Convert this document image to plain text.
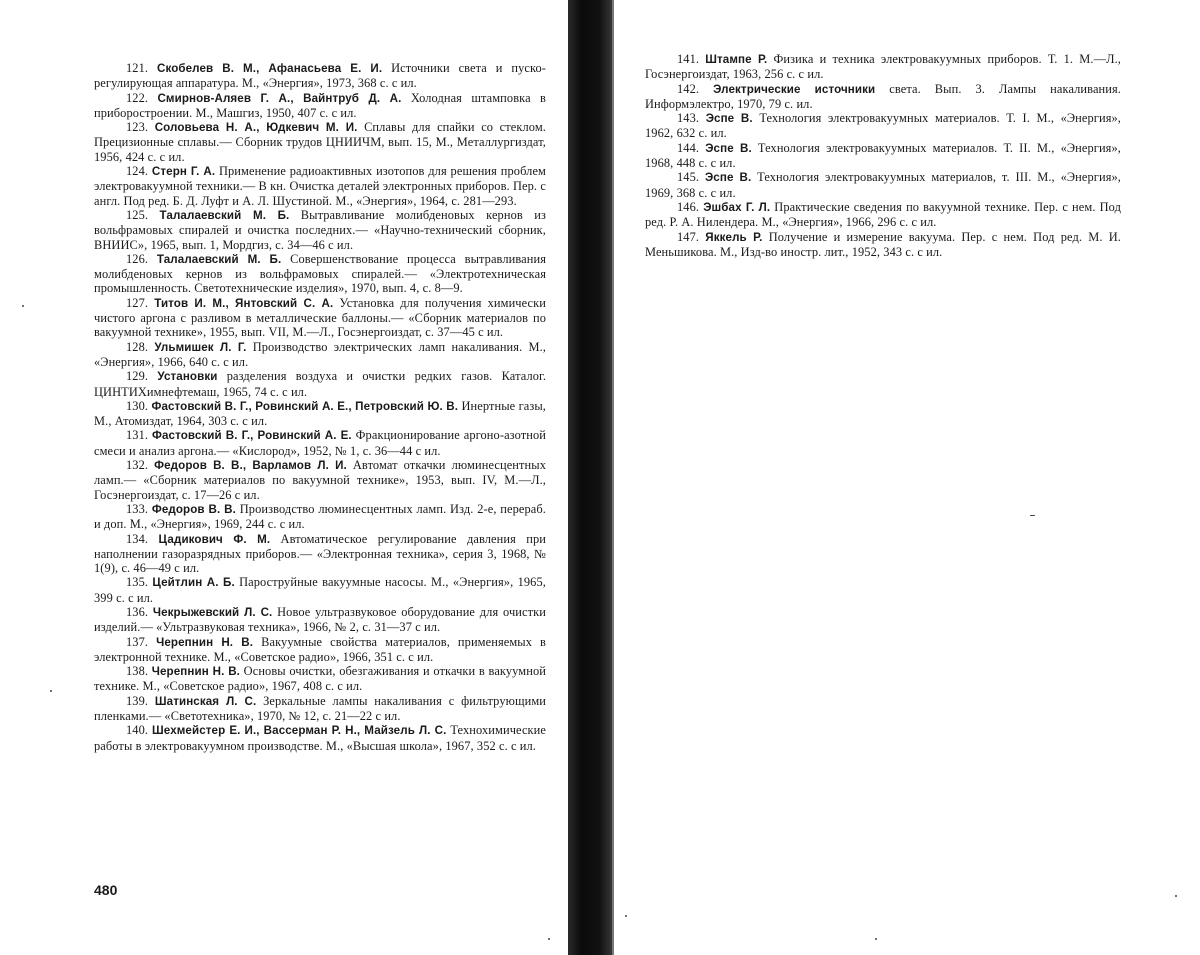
121. Скобелев В. М., Афанасьева Е. И. Источники света и пуско-регулирующая аппаратура. М., «Энергия», 1973, 368 с. с ил.

122. Смирнов-Аляев Г. А., Вайнтруб Д. А. Холодная штамповка в приборостроении. М., Машгиз, 1950, 407 с. с ил.

123. Соловьева Н. А., Юдкевич М. И. Сплавы для спайки со стеклом. Прецизионные сплавы.— Сборник трудов ЦНИИЧМ, вып. 15, М., Металлургиздат, 1956, 424 с. с ил.

124. Стерн Г. А. Применение радиоактивных изотопов для решения проблем электровакуумной техники.— В кн. Очистка деталей электронных приборов. Пер. с англ. Под ред. Б. Д. Луфт и А. Л. Шустиной. М., «Энергия», 1964, с. 281—293.

125. Талалаевский М. Б. Вытравливание молибденовых кернов из вольфрамовых спиралей и очистка последних.— «Научно-технический сборник, ВНИИС», 1965, вып. 1, Мордгиз, с. 34—46 с ил.

126. Талалаевский М. Б. Совершенствование процесса вытравливания молибденовых кернов из вольфрамовых спиралей.— «Электротехническая промышленность. Светотехнические изделия», 1970, вып. 4, с. 8—9.

127. Титов И. М., Янтовский С. А. Установка для получения химически чистого аргона с разливом в металлические баллоны.— «Сборник материалов по вакуумной технике», 1955, вып. VII, М.—Л., Госэнергоиздат, с. 37—45 с ил.

128. Ульмишек Л. Г. Производство электрических ламп накаливания. М., «Энергия», 1966, 640 с. с ил.

129. Установки разделения воздуха и очистки редких газов. Каталог. ЦИНТИХимнефтемаш, 1965, 74 с. с ил.

130. Фастовский В. Г., Ровинский А. Е., Петровский Ю. В. Инертные газы, М., Атомиздат, 1964, 303 с. с ил.

131. Фастовский В. Г., Ровинский А. Е. Фракционирование аргоно-азотной смеси и анализ аргона.— «Кислород», 1952, № 1, с. 36—44 с ил.

132. Федоров В. В., Варламов Л. И. Автомат откачки люминесцентных ламп.— «Сборник материалов по вакуумной технике», 1953, вып. IV, М.—Л., Госэнергоиздат, с. 17—26 с ил.

133. Федоров В. В. Производство люминесцентных ламп. Изд. 2-е, перераб. и доп. М., «Энергия», 1969, 244 с. с ил.

134. Цадикович Ф. М. Автоматическое регулирование давления при наполнении газоразрядных приборов.— «Электронная техника», серия 3, 1968, № 1(9), с. 46—49 с ил.

135. Цейтлин А. Б. Пароструйные вакуумные насосы. М., «Энергия», 1965, 399 с. с ил.

136. Чекрыжевский Л. С. Новое ультразвуковое оборудование для очистки изделий.— «Ультразвуковая техника», 1966, № 2, с. 31—37 с ил.

137. Черепнин Н. В. Вакуумные свойства материалов, применяемых в электронной технике. М., «Советское радио», 1966, 351 с. с ил.

138. Черепнин Н. В. Основы очистки, обезгаживания и откачки в вакуумной технике. М., «Советское радио», 1967, 408 с. с ил.

139. Шатинская Л. С. Зеркальные лампы накаливания с фильтрующими пленками.— «Светотехника», 1970, № 12, с. 21—22 с ил.

140. Шехмейстер Е. И., Вассерман Р. Н., Майзель Л. С. Технохимические работы в электровакуумном производстве. М., «Высшая школа», 1967, 352 с. с ил.

480

141. Штампе Р. Физика и техника электровакуумных приборов. Т. 1. М.—Л., Госэнергоиздат, 1963, 256 с. с ил.

142. Электрические источники света. Вып. 3. Лампы накаливания. Информэлектро, 1970, 79 с. ил.

143. Эспе В. Технология электровакуумных материалов. Т. I. М., «Энергия», 1962, 632 с. ил.

144. Эспе В. Технология электровакуумных материалов. Т. II. М., «Энергия», 1968, 448 с. с ил.

145. Эспе В. Технология электровакуумных материалов, т. III. М., «Энергия», 1969, 368 с. с ил.

146. Эшбах Г. Л. Практические сведения по вакуумной технике. Пер. с нем. Под ред. Р. А. Нилендера. М., «Энергия», 1966, 296 с. с ил.

147. Яккель Р. Получение и измерение вакуума. Пер. с нем. Под ред. М. И. Меньшикова. М., Изд-во иностр. лит., 1952, 343 с. с ил.
